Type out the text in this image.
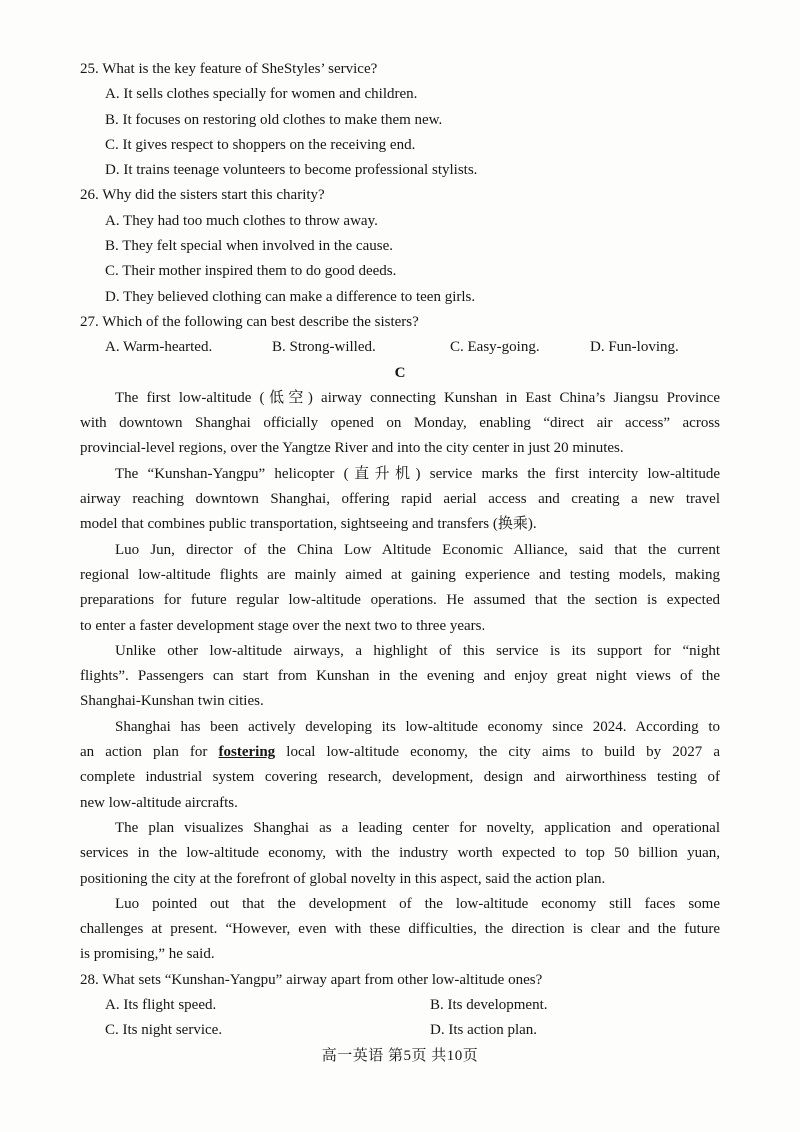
25. What is the key feature of SheStyles’ service?
A. It sells clothes specially for women and children.
B. It focuses on restoring old clothes to make them new.
C. It gives respect to shoppers on the receiving end.
D. It trains teenage volunteers to become professional stylists.
26. Why did the sisters start this charity?
A. They had too much clothes to throw away.
B. They felt special when involved in the cause.
C. Their mother inspired them to do good deeds.
D. They believed clothing can make a difference to teen girls.
27. Which of the following can best describe the sisters?
A. Warm-hearted.	B. Strong-willed.	C. Easy-going.	D. Fun-loving.
C
The first low-altitude (低空) airway connecting Kunshan in East China’s Jiangsu Province
with downtown Shanghai officially opened on Monday, enabling “direct air access” across
provincial-level regions, over the Yangtze River and into the city center in just 20 minutes.
The “Kunshan-Yangpu” helicopter (直升机) service marks the first intercity low-altitude
airway reaching downtown Shanghai, offering rapid aerial access and creating a new travel
model that combines public transportation, sightseeing and transfers (换乘).
Luo Jun, director of the China Low Altitude Economic Alliance, said that the current
regional low-altitude flights are mainly aimed at gaining experience and testing models, making
preparations for future regular low-altitude operations. He assumed that the section is expected
to enter a faster development stage over the next two to three years.
Unlike other low-altitude airways, a highlight of this service is its support for “night
flights”. Passengers can start from Kunshan in the evening and enjoy great night views of the
Shanghai-Kunshan twin cities.
Shanghai has been actively developing its low-altitude economy since 2024. According to
an action plan for fostering local low-altitude economy, the city aims to build by 2027 a
complete industrial system covering research, development, design and airworthiness testing of
new low-altitude aircrafts.
The plan visualizes Shanghai as a leading center for novelty, application and operational
services in the low-altitude economy, with the industry worth expected to top 50 billion yuan,
positioning the city at the forefront of global novelty in this aspect, said the action plan.
Luo pointed out that the development of the low-altitude economy still faces some
challenges at present. “However, even with these difficulties, the direction is clear and the future
is promising,” he said.
28. What sets “Kunshan-Yangpu” airway apart from other low-altitude ones?
A. Its flight speed.	B. Its development.
C. Its night service.	D. Its action plan.
高一英语 第5页 共10页
